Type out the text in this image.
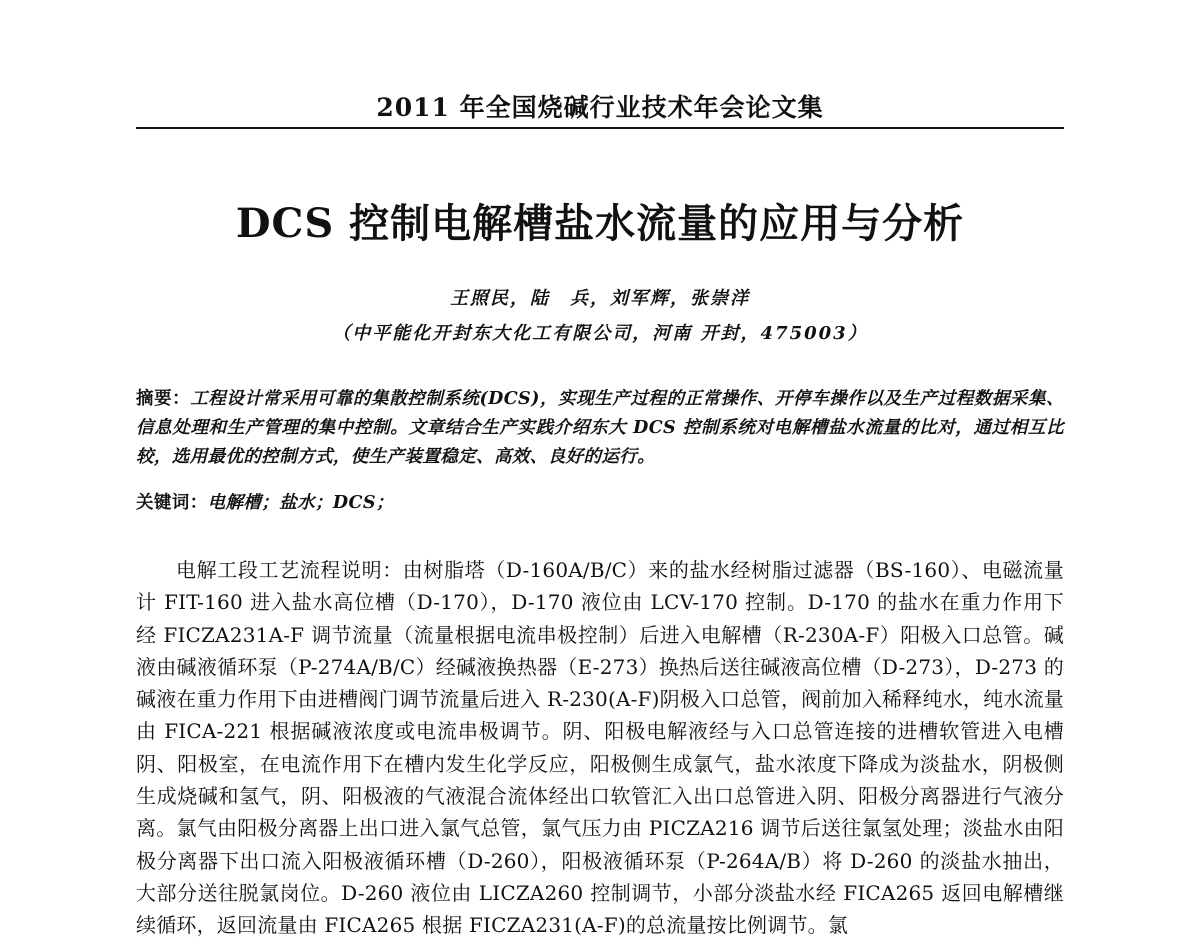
2011 年全国烧碱行业技术年会论文集
DCS 控制电解槽盐水流量的应用与分析
王照民，陆　兵，刘军辉，张崇洋
（中平能化开封东大化工有限公司，河南 开封，475003）
摘要：工程设计常采用可靠的集散控制系统(DCS)，实现生产过程的正常操作、开停车操作以及生产过程数据采集、信息处理和生产管理的集中控制。文章结合生产实践介绍东大 DCS 控制系统对电解槽盐水流量的比对，通过相互比较，选用最优的控制方式，使生产装置稳定、高效、良好的运行。
关键词：电解槽；盐水；DCS；
电解工段工艺流程说明：由树脂塔（D-160A/B/C）来的盐水经树脂过滤器（BS-160）、电磁流量计 FIT-160 进入盐水高位槽（D-170），D-170 液位由 LCV-170 控制。D-170 的盐水在重力作用下经 FICZA231A-F 调节流量（流量根据电流串极控制）后进入电解槽（R-230A-F）阳极入口总管。碱液由碱液循环泵（P-274A/B/C）经碱液换热器（E-273）换热后送往碱液高位槽（D-273），D-273 的碱液在重力作用下由进槽阀门调节流量后进入 R-230(A-F)阴极入口总管，阀前加入稀释纯水，纯水流量由 FICA-221 根据碱液浓度或电流串极调节。阴、阳极电解液经与入口总管连接的进槽软管进入电槽阴、阳极室，在电流作用下在槽内发生化学反应，阳极侧生成氯气，盐水浓度下降成为淡盐水，阴极侧生成烧碱和氢气，阴、阳极液的气液混合流体经出口软管汇入出口总管进入阴、阳极分离器进行气液分离。氯气由阳极分离器上出口进入氯气总管，氯气压力由 PICZA216 调节后送往氯氢处理；淡盐水由阳极分离器下出口流入阳极液循环槽（D-260），阳极液循环泵（P-264A/B）将 D-260 的淡盐水抽出，大部分送往脱氯岗位。D-260 液位由 LICZA260 控制调节，小部分淡盐水经 FICA265 返回电解槽继续循环，返回流量由 FICA265 根据 FICZA231(A-F)的总流量按比例调节。氯
